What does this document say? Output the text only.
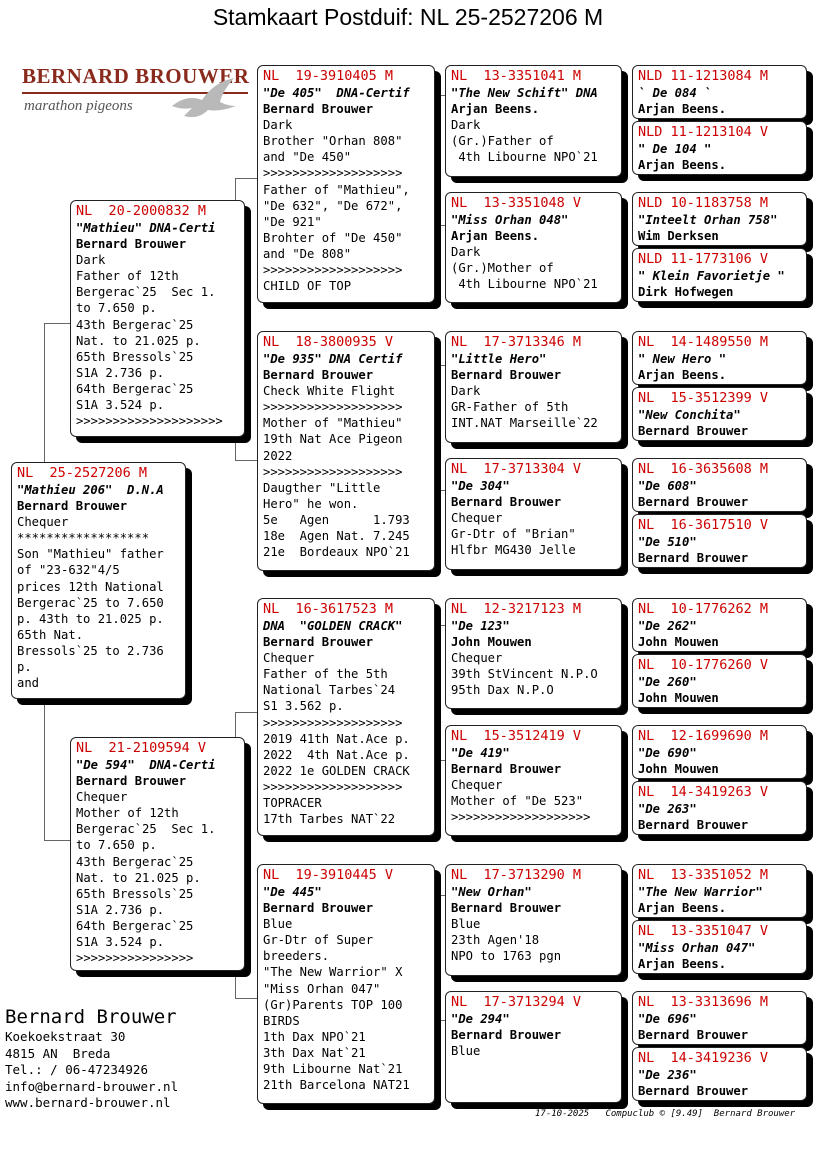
Stamkaart Postduif: NL 25-2527206 M
BERNARD BROUWER
marathon pigeons
NL  25-2527206 M
"Mathieu 206"  D.N.A
Bernard Brouwer
Chequer
******************
Son "Mathieu" father
of "23-632"4/5
prices 12th National
Bergerac`25 to 7.650
p. 43th to 21.025 p.
65th Nat.
Bressols`25 to 2.736
p.
and
NL  20-2000832 M
"Mathieu" DNA-Certi
Bernard Brouwer
Dark
Father of 12th
Bergerac`25  Sec 1.
to 7.650 p.
43th Bergerac`25
Nat. to 21.025 p.
65th Bressols`25
S1A 2.736 p.
64th Bergerac`25
S1A 3.524 p.
>>>>>>>>>>>>>>>>>>>>
NL  21-2109594 V
"De 594"  DNA-Certi
Bernard Brouwer
Chequer
Mother of 12th
Bergerac`25  Sec 1.
to 7.650 p.
43th Bergerac`25
Nat. to 21.025 p.
65th Bressols`25
S1A 2.736 p.
64th Bergerac`25
S1A 3.524 p.
>>>>>>>>>>>>>>>>
NL  19-3910405 M
"De 405"  DNA-Certif
Bernard Brouwer
Dark
Brother "Orhan 808"
and "De 450"
>>>>>>>>>>>>>>>>>>>
Father of "Mathieu",
"De 632", "De 672",
"De 921"
Brohter of "De 450"
and "De 808"
>>>>>>>>>>>>>>>>>>>
CHILD OF TOP
NL  18-3800935 V
"De 935" DNA Certif
Bernard Brouwer
Check White Flight
>>>>>>>>>>>>>>>>>>>
Mother of "Mathieu"
19th Nat Ace Pigeon
2022
>>>>>>>>>>>>>>>>>>>
Daugther "Little
Hero" he won.
5e   Agen      1.793
18e  Agen Nat. 7.245
21e  Bordeaux NPO`21
NL  16-3617523 M
DNA  "GOLDEN CRACK"
Bernard Brouwer
Chequer
Father of the 5th
National Tarbes`24
S1 3.562 p.
>>>>>>>>>>>>>>>>>>>
2019 41th Nat.Ace p.
2022  4th Nat.Ace p.
2022 1e GOLDEN CRACK
>>>>>>>>>>>>>>>>>>>
TOPRACER
17th Tarbes NAT`22
NL  19-3910445 V
"De 445"
Bernard Brouwer
Blue
Gr-Dtr of Super
breeders.
"The New Warrior" X
"Miss Orhan 047"
(Gr)Parents TOP 100
BIRDS
1th Dax NPO`21
3th Dax Nat`21
9th Libourne Nat`21
21th Barcelona NAT21
NL  13-3351041 M
"The New Schift" DNA
Arjan Beens.
Dark
(Gr.)Father of
4th Libourne NPO`21
NL  13-3351048 V
"Miss Orhan 048"
Arjan Beens.
Dark
(Gr.)Mother of
4th Libourne NPO`21
NL  17-3713346 M
"Little Hero"
Bernard Brouwer
Dark
GR-Father of 5th
INT.NAT Marseille`22
NL  17-3713304 V
"De 304"
Bernard Brouwer
Chequer
Gr-Dtr of "Brian"
Hlfbr MG430 Jelle
NL  12-3217123 M
"De 123"
John Mouwen
Chequer
39th StVincent N.P.O
95th Dax N.P.O
NL  15-3512419 V
"De 419"
Bernard Brouwer
Chequer
Mother of "De 523"
>>>>>>>>>>>>>>>>>>>
NL  17-3713290 M
"New Orhan"
Bernard Brouwer
Blue
23th Agen'18
NPO to 1763 pgn
NL  17-3713294 V
"De 294"
Bernard Brouwer
Blue
NLD 11-1213084 M
` De 084 `
Arjan Beens.
NLD 11-1213104 V
" De 104 "
Arjan Beens.
NLD 10-1183758 M
"Inteelt Orhan 758"
Wim Derksen
NLD 11-1773106 V
" Klein Favorietje "
Dirk Hofwegen
NL  14-1489550 M
" New Hero "
Arjan Beens.
NL  15-3512399 V
"New Conchita"
Bernard Brouwer
NL  16-3635608 M
"De 608"
Bernard Brouwer
NL  16-3617510 V
"De 510"
Bernard Brouwer
NL  10-1776262 M
"De 262"
John Mouwen
NL  10-1776260 V
"De 260"
John Mouwen
NL  12-1699690 M
"De 690"
John Mouwen
NL  14-3419263 V
"De 263"
Bernard Brouwer
NL  13-3351052 M
"The New Warrior"
Arjan Beens.
NL  13-3351047 V
"Miss Orhan 047"
Arjan Beens.
NL  13-3313696 M
"De 696"
Bernard Brouwer
NL  14-3419236 V
"De 236"
Bernard Brouwer
Bernard Brouwer
Koekoekstraat 30
4815 AN  Breda
Tel.: / 06-47234926
info@bernard-brouwer.nl
www.bernard-brouwer.nl
17-10-2025   Compuclub © [9.49]  Bernard Brouwer
